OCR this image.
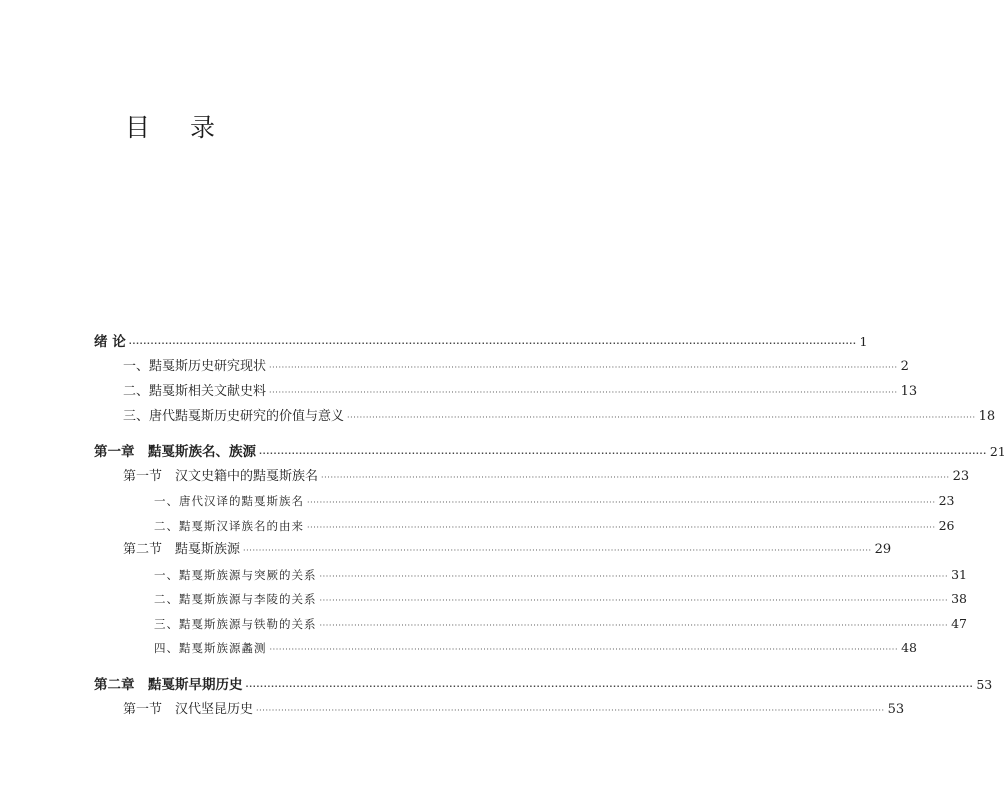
目 录
绪 论 ········································································································································································································ 1
一、黠戛斯历史研究现状 ········································································································································································································ 2
二、黠戛斯相关文献史料 ········································································································································································································ 13
三、唐代黠戛斯历史研究的价值与意义 ········································································································································································································ 18
第一章　黠戛斯族名、族源 ········································································································································································································ 21
第一节　汉文史籍中的黠戛斯族名 ········································································································································································································ 23
一、唐代汉译的黠戛斯族名 ········································································································································································································ 23
二、黠戛斯汉译族名的由来 ········································································································································································································ 26
第二节　黠戛斯族源 ········································································································································································································ 29
一、黠戛斯族源与突厥的关系 ········································································································································································································ 31
二、黠戛斯族源与李陵的关系 ········································································································································································································ 38
三、黠戛斯族源与铁勒的关系 ········································································································································································································ 47
四、黠戛斯族源蠡测 ········································································································································································································ 48
第二章　黠戛斯早期历史 ········································································································································································································ 53
第一节　汉代坚昆历史 ········································································································································································································ 53
